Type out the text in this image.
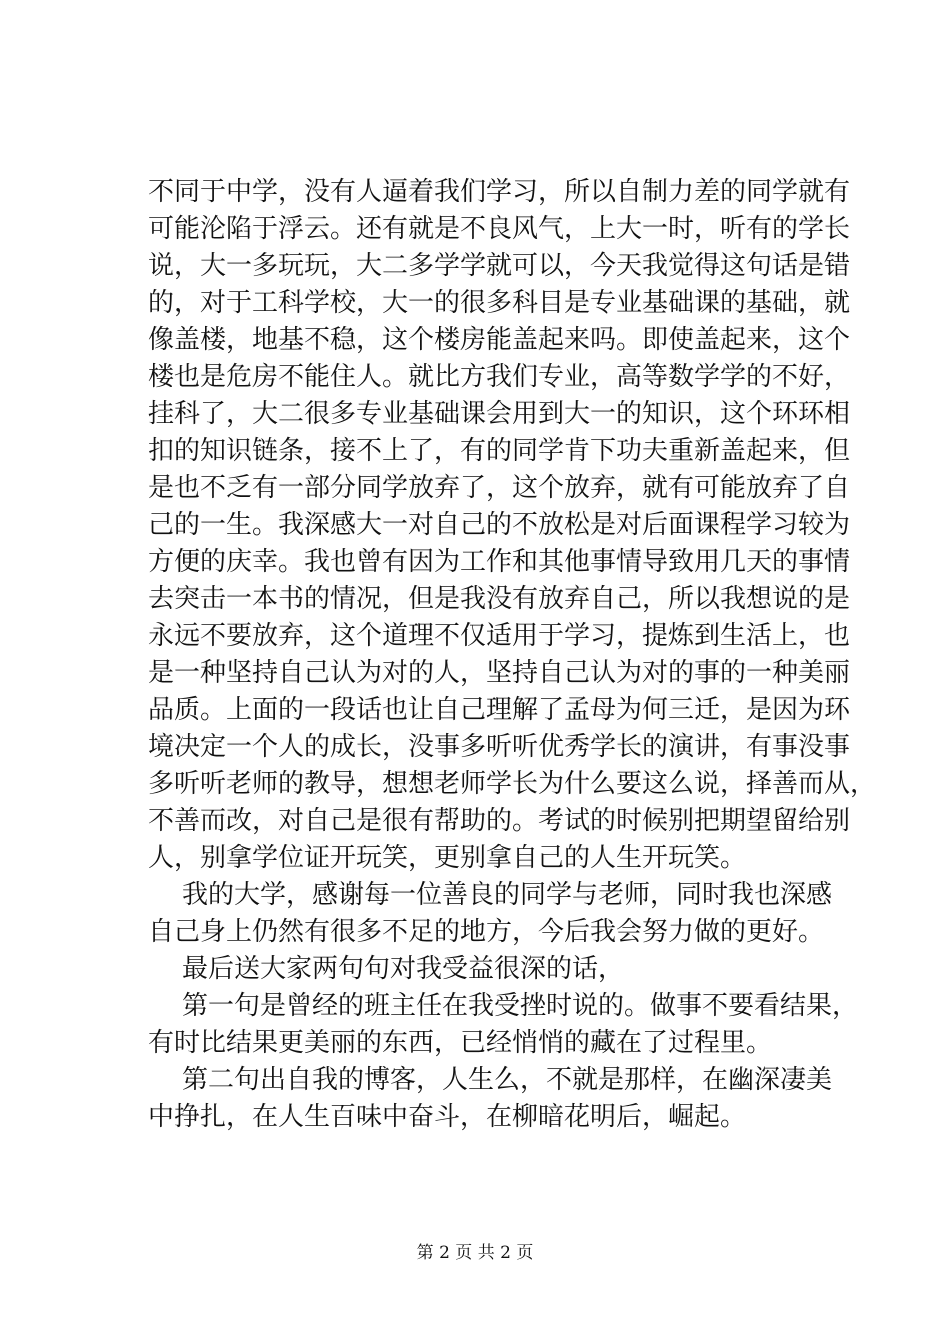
不同于中学，没有人逼着我们学习，所以自制力差的同学就有
可能沦陷于浮云。还有就是不良风气，上大一时，听有的学长
说，大一多玩玩，大二多学学就可以，今天我觉得这句话是错
的，对于工科学校，大一的很多科目是专业基础课的基础，就
像盖楼，地基不稳，这个楼房能盖起来吗。即使盖起来，这个
楼也是危房不能住人。就比方我们专业，高等数学学的不好，
挂科了，大二很多专业基础课会用到大一的知识，这个环环相
扣的知识链条，接不上了，有的同学肯下功夫重新盖起来，但
是也不乏有一部分同学放弃了，这个放弃，就有可能放弃了自
己的一生。我深感大一对自己的不放松是对后面课程学习较为
方便的庆幸。我也曾有因为工作和其他事情导致用几天的事情
去突击一本书的情况，但是我没有放弃自己，所以我想说的是
永远不要放弃，这个道理不仅适用于学习，提炼到生活上，也
是一种坚持自己认为对的人，坚持自己认为对的事的一种美丽
品质。上面的一段话也让自己理解了孟母为何三迁，是因为环
境决定一个人的成长，没事多听听优秀学长的演讲，有事没事
多听听老师的教导，想想老师学长为什么要这么说，择善而从，
不善而改，对自己是很有帮助的。考试的时候别把期望留给别
人，别拿学位证开玩笑，更别拿自己的人生开玩笑。
我的大学，感谢每一位善良的同学与老师，同时我也深感
自己身上仍然有很多不足的地方，今后我会努力做的更好。
最后送大家两句句对我受益很深的话，
第一句是曾经的班主任在我受挫时说的。做事不要看结果，
有时比结果更美丽的东西，已经悄悄的藏在了过程里。
第二句出自我的博客，人生么，不就是那样，在幽深凄美
中挣扎，在人生百味中奋斗，在柳暗花明后，崛起。
第 2 页 共 2 页
